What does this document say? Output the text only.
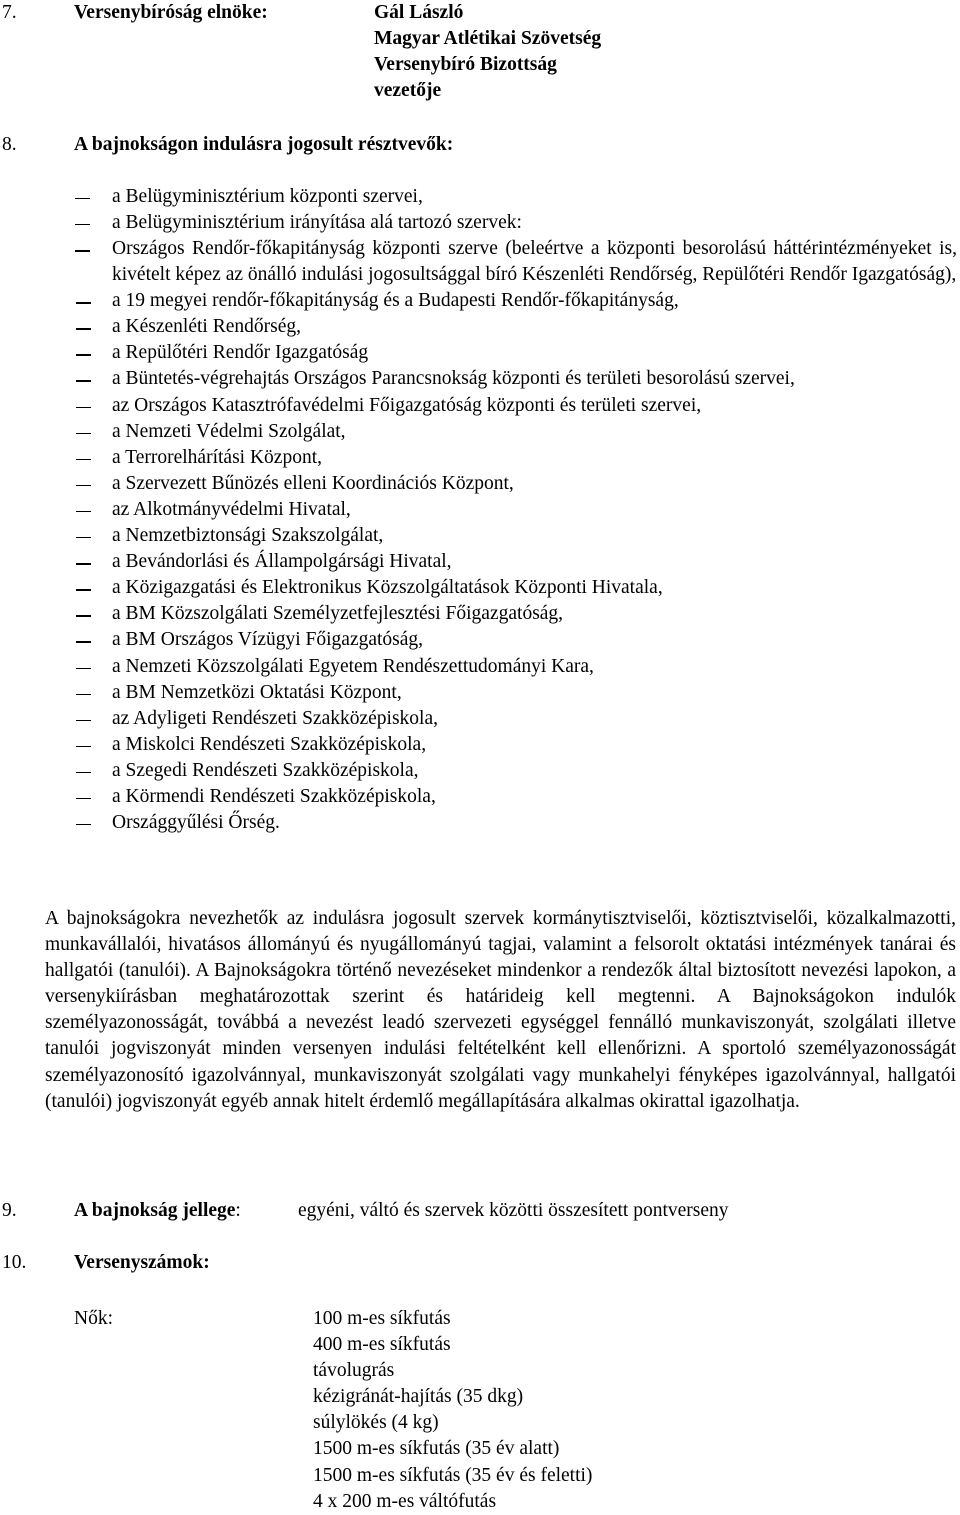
7.	Versenybíróság elnöke:	Gál László
Magyar Atlétikai Szövetség
Versenybíró Bizottság
vezetője
8.	A bajnokságon indulásra jogosult résztvevők:
a Belügyminisztérium központi szervei,
a Belügyminisztérium irányítása alá tartozó szervek:
Országos Rendőr-főkapitányság központi szerve (beleértve a központi besorolású háttérintézményeket is, kivételt képez az önálló indulási jogosultsággal bíró Készenléti Rendőrség, Repülőtéri Rendőr Igazgatóság),
a 19 megyei rendőr-főkapitányság és a Budapesti Rendőr-főkapitányság,
a Készenléti Rendőrség,
a Repülőtéri Rendőr Igazgatóság
a Büntetés-végrehajtás Országos Parancsnokság központi és területi besorolású szervei,
az Országos Katasztrófavédelmi Főigazgatóság központi és területi szervei,
a Nemzeti Védelmi Szolgálat,
a Terrorelhárítási Központ,
a Szervezett Bűnözés elleni Koordinációs Központ,
az Alkotmányvédelmi Hivatal,
a Nemzetbiztonsági Szakszolgálat,
a Bevándorlási és Állampolgársági Hivatal,
a Közigazgatási és Elektronikus Közszolgáltatások Központi Hivatala,
a BM Közszolgálati Személyzetfejlesztési Főigazgatóság,
a BM Országos Vízügyi Főigazgatóság,
a Nemzeti Közszolgálati Egyetem Rendészettudományi Kara,
a BM Nemzetközi Oktatási Központ,
az Adyligeti Rendészeti Szakközépiskola,
a Miskolci Rendészeti Szakközépiskola,
a Szegedi Rendészeti Szakközépiskola,
a Körmendi Rendészeti Szakközépiskola,
Országgyűlési Őrség.
A bajnokságokra nevezhetők az indulásra jogosult szervek kormánytisztviselői, köztisztviselői, közalkalmazotti, munkavállalói, hivatásos állományú és nyugállományú tagjai, valamint a felsorolt oktatási intézmények tanárai és hallgatói (tanulói). A Bajnokságokra történő nevezéseket mindenkor a rendezők által biztosított nevezési lapokon, a versenykiírásban meghatározottak szerint és határideig kell megtenni. A Bajnokságokon indulók személyazonosságát, továbbá a nevezést leadó szervezeti egységgel fennálló munkaviszonyát, szolgálati illetve tanulói jogviszonyát minden versenyen indulási feltételként kell ellenőrizni. A sportoló személyazonosságát személyazonosító igazolvánnyal, munkaviszonyát szolgálati vagy munkahelyi fényképes igazolvánnyal, hallgatói (tanulói) jogviszonyát egyéb annak hitelt érdemlő megállapítására alkalmas okirattal igazolhatja.
9.	A bajnokság jellege:	egyéni, váltó és szervek közötti összesített pontverseny
10. Versenyszámok:
Nők:	100 m-es síkfutás
400 m-es síkfutás
távolugrás
kézigránát-hajítás (35 dkg)
súlylökés (4 kg)
1500 m-es síkfutás (35 év alatt)
1500 m-es síkfutás (35 év és feletti)
4 x 200 m-es váltófutás
